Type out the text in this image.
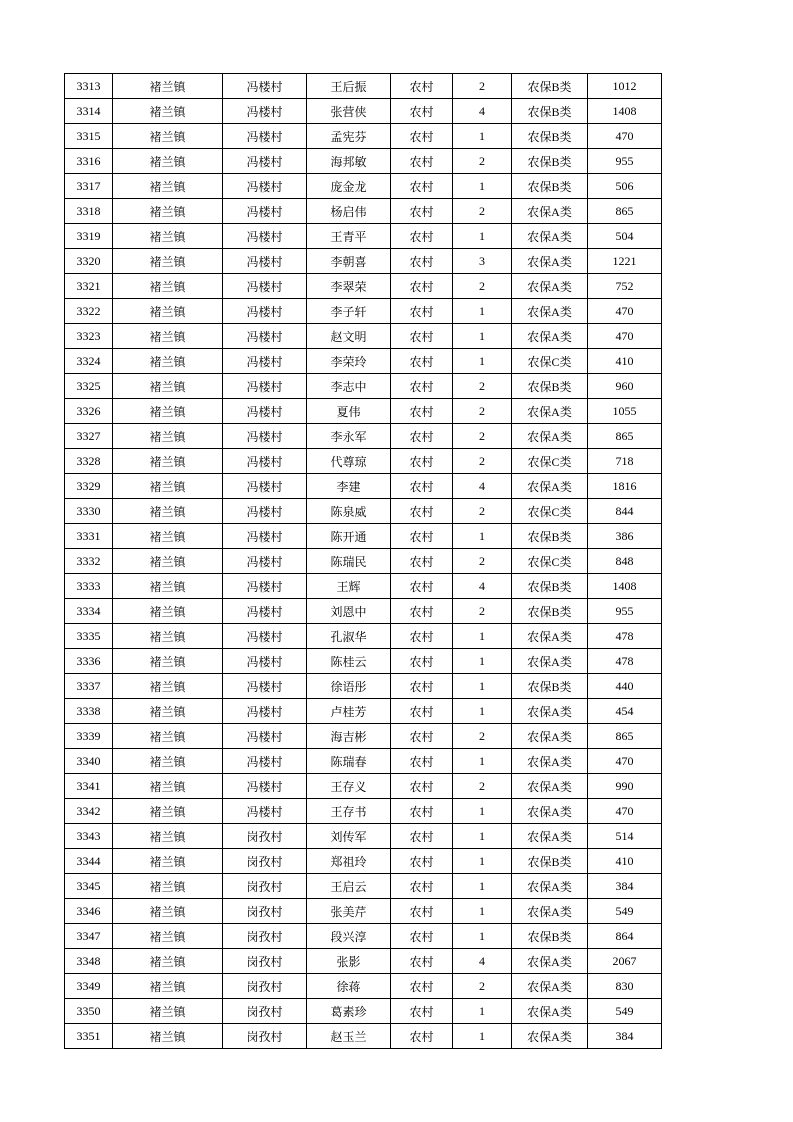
3313	褚兰镇	冯楼村	王后振	农村	2	农保B类	1012
3314	褚兰镇	冯楼村	张营侠	农村	4	农保B类	1408
3315	褚兰镇	冯楼村	孟宪芬	农村	1	农保B类	470
3316	褚兰镇	冯楼村	海邦敏	农村	2	农保B类	955
3317	褚兰镇	冯楼村	庞金龙	农村	1	农保B类	506
3318	褚兰镇	冯楼村	杨启伟	农村	2	农保A类	865
3319	褚兰镇	冯楼村	王青平	农村	1	农保A类	504
3320	褚兰镇	冯楼村	李朝喜	农村	3	农保A类	1221
3321	褚兰镇	冯楼村	李翠荣	农村	2	农保A类	752
3322	褚兰镇	冯楼村	李子轩	农村	1	农保A类	470
3323	褚兰镇	冯楼村	赵文明	农村	1	农保A类	470
3324	褚兰镇	冯楼村	李荣玲	农村	1	农保C类	410
3325	褚兰镇	冯楼村	李志中	农村	2	农保B类	960
3326	褚兰镇	冯楼村	夏伟	农村	2	农保A类	1055
3327	褚兰镇	冯楼村	李永军	农村	2	农保A类	865
3328	褚兰镇	冯楼村	代尊琼	农村	2	农保C类	718
3329	褚兰镇	冯楼村	李建	农村	4	农保A类	1816
3330	褚兰镇	冯楼村	陈泉威	农村	2	农保C类	844
3331	褚兰镇	冯楼村	陈开通	农村	1	农保B类	386
3332	褚兰镇	冯楼村	陈瑞民	农村	2	农保C类	848
3333	褚兰镇	冯楼村	王辉	农村	4	农保B类	1408
3334	褚兰镇	冯楼村	刘恩中	农村	2	农保B类	955
3335	褚兰镇	冯楼村	孔淑华	农村	1	农保A类	478
3336	褚兰镇	冯楼村	陈桂云	农村	1	农保A类	478
3337	褚兰镇	冯楼村	徐语彤	农村	1	农保B类	440
3338	褚兰镇	冯楼村	卢桂芳	农村	1	农保A类	454
3339	褚兰镇	冯楼村	海吉彬	农村	2	农保A类	865
3340	褚兰镇	冯楼村	陈瑞春	农村	1	农保A类	470
3341	褚兰镇	冯楼村	王存义	农村	2	农保A类	990
3342	褚兰镇	冯楼村	王存书	农村	1	农保A类	470
3343	褚兰镇	岗孜村	刘传军	农村	1	农保A类	514
3344	褚兰镇	岗孜村	郑祖玲	农村	1	农保B类	410
3345	褚兰镇	岗孜村	王启云	农村	1	农保A类	384
3346	褚兰镇	岗孜村	张美芹	农村	1	农保A类	549
3347	褚兰镇	岗孜村	段兴淳	农村	1	农保B类	864
3348	褚兰镇	岗孜村	张影	农村	4	农保A类	2067
3349	褚兰镇	岗孜村	徐蒋	农村	2	农保A类	830
3350	褚兰镇	岗孜村	葛素珍	农村	1	农保A类	549
3351	褚兰镇	岗孜村	赵玉兰	农村	1	农保A类	384
